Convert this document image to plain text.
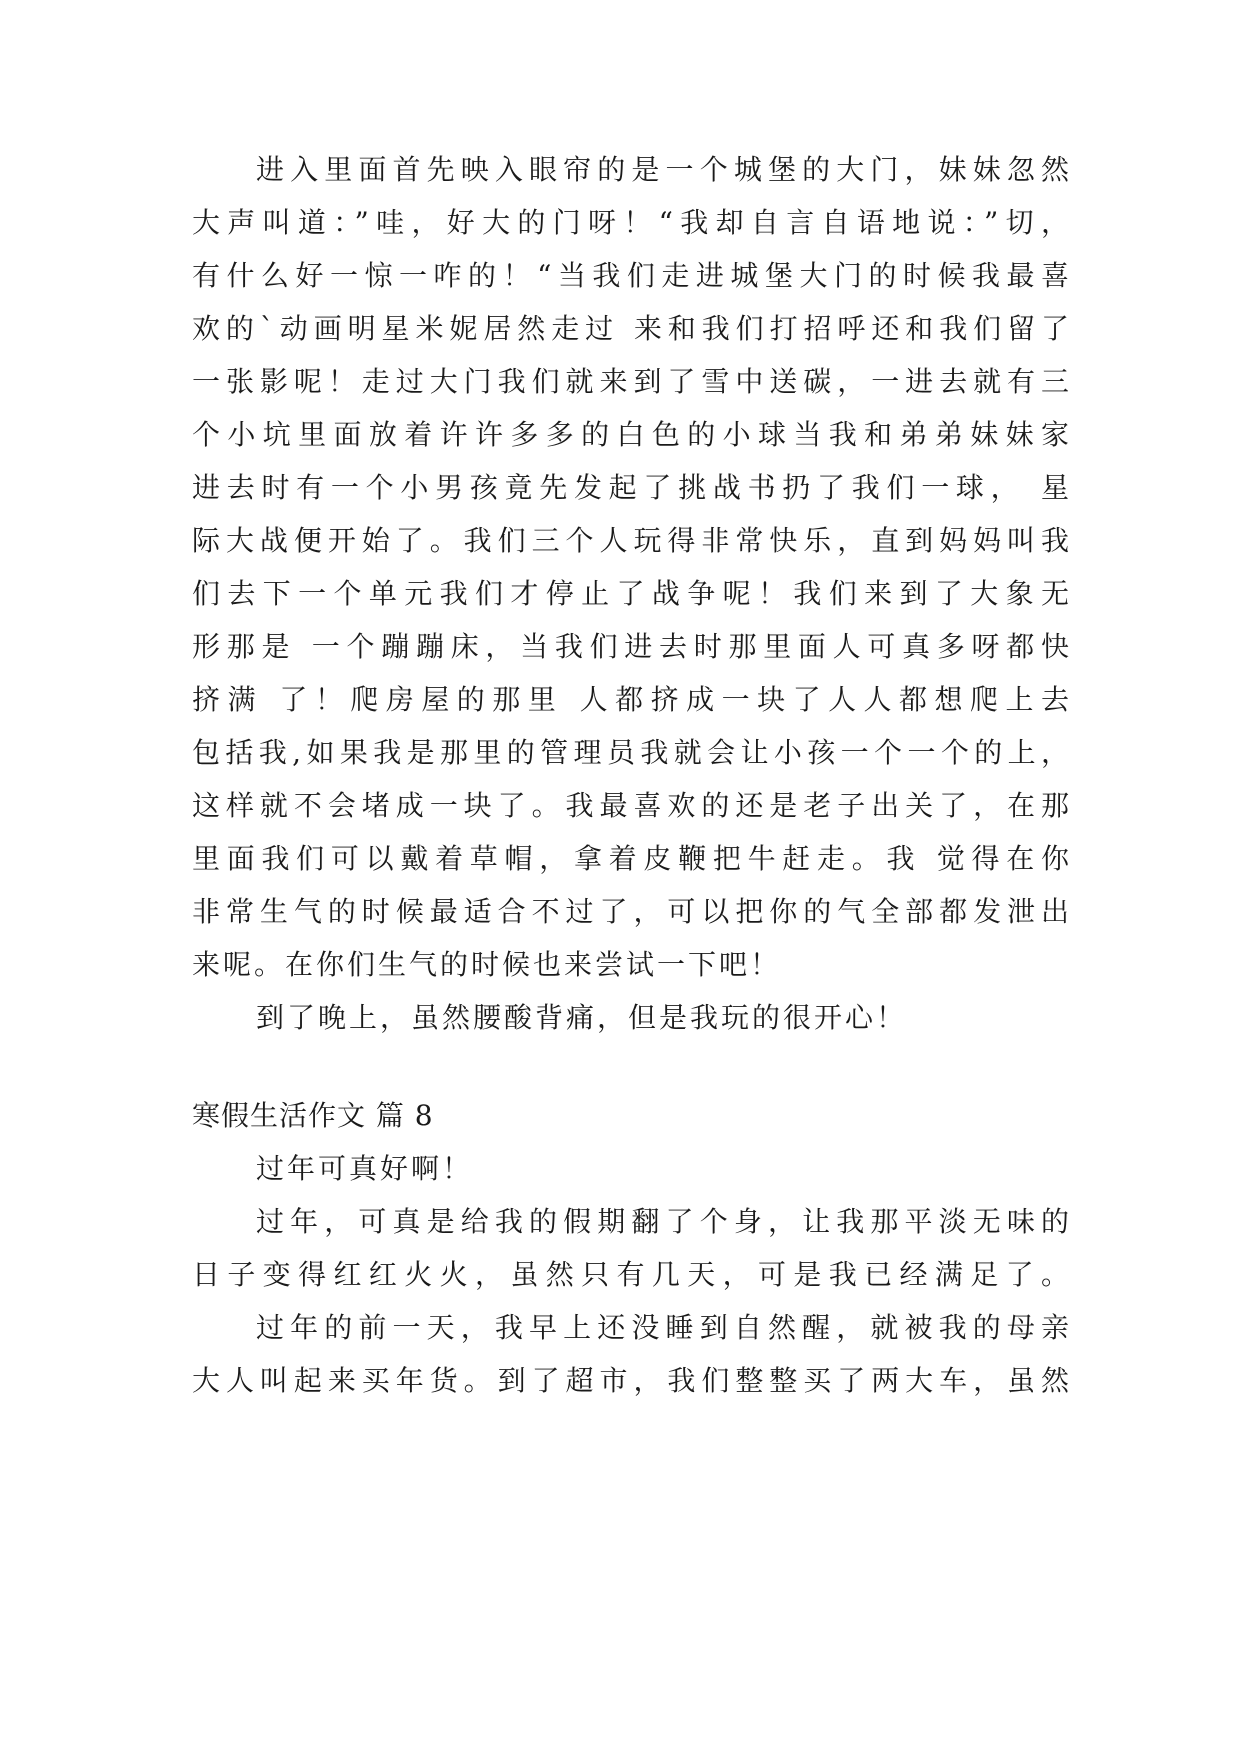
进入里面首先映入眼帘的是一个城堡的大门，妹妹忽然
大声叫道：”哇，好大的门呀！“我却自言自语地说：”切，
有什么好一惊一咋的！“当我们走进城堡大门的时候我最喜
欢的`动画明星米妮居然走过 来和我们打招呼还和我们留了
一张影呢！走过大门我们就来到了雪中送碳，一进去就有三
个小坑里面放着许许多多的白色的小球当我和弟弟妹妹家
进去时有一个小男孩竟先发起了挑战书扔了我们一球， 星
际大战便开始了。我们三个人玩得非常快乐，直到妈妈叫我
们去下一个单元我们才停止了战争呢！我们来到了大象无
形那是 一个蹦蹦床，当我们进去时那里面人可真多呀都快
挤满 了！爬房屋的那里 人都挤成一块了人人都想爬上去
包括我,如果我是那里的管理员我就会让小孩一个一个的上，
这样就不会堵成一块了。我最喜欢的还是老子出关了，在那
里面我们可以戴着草帽，拿着皮鞭把牛赶走。我 觉得在你
非常生气的时候最适合不过了，可以把你的气全部都发泄出
来呢。在你们生气的时候也来尝试一下吧！
到了晚上，虽然腰酸背痛，但是我玩的很开心！
寒假生活作文 篇 8
过年可真好啊！
过年，可真是给我的假期翻了个身，让我那平淡无味的
日子变得红红火火，虽然只有几天，可是我已经满足了。
过年的前一天，我早上还没睡到自然醒，就被我的母亲
大人叫起来买年货。到了超市，我们整整买了两大车，虽然
